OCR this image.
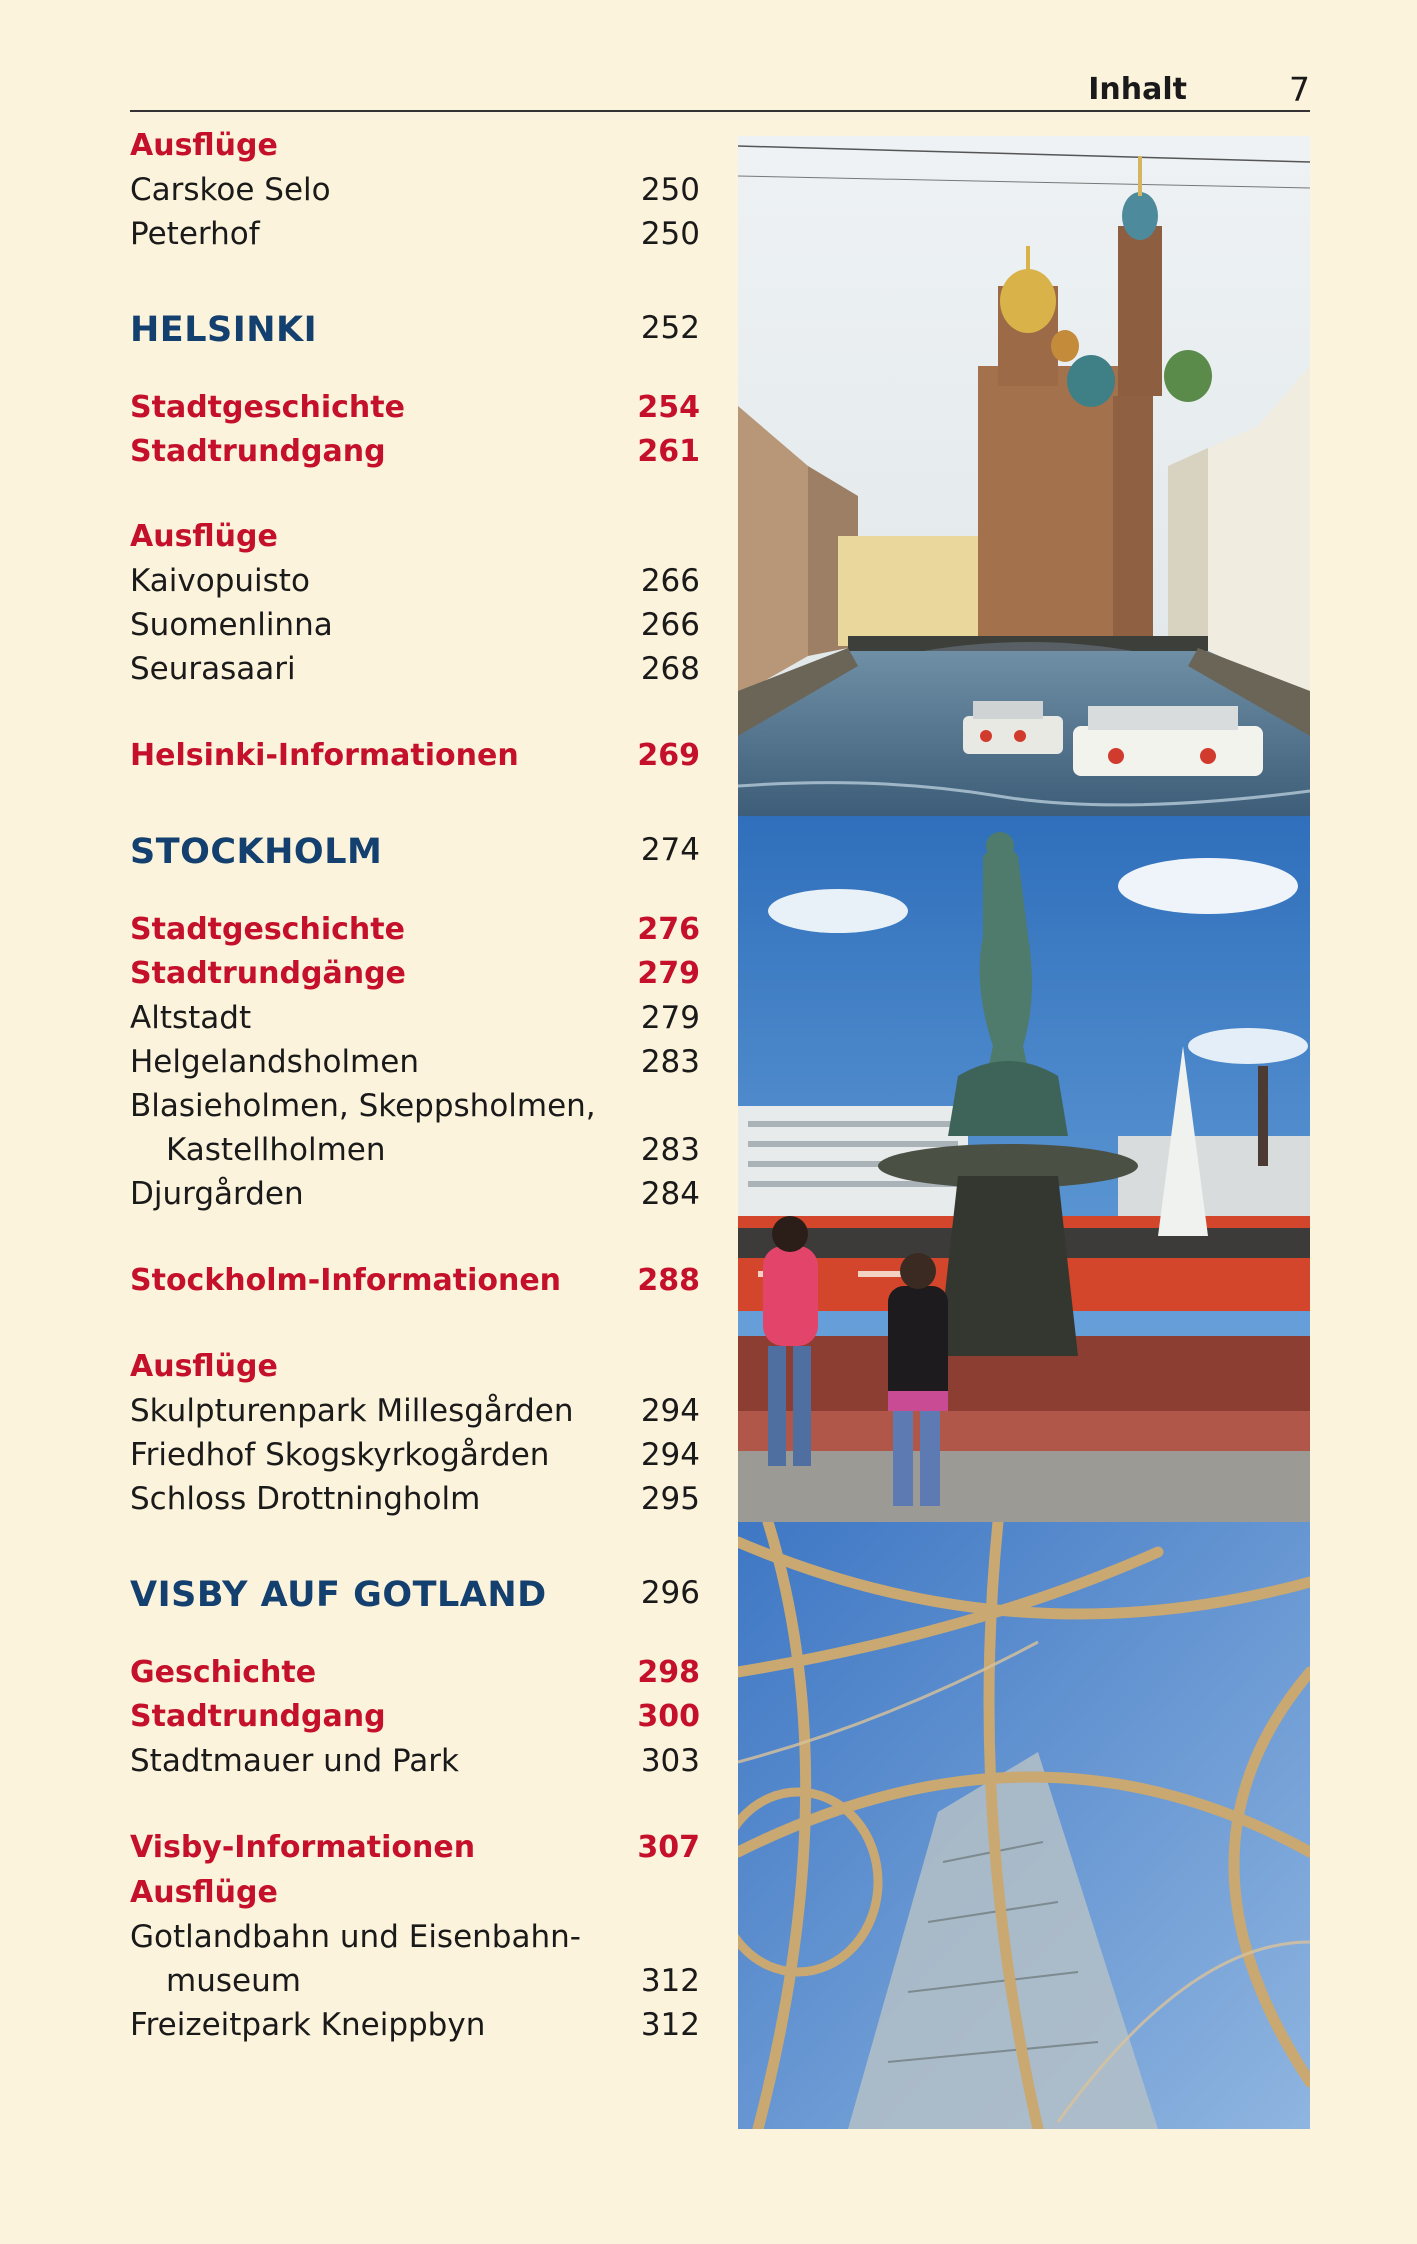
Inhalt	7
Ausflüge
Carskoe Selo	250
Peterhof	250
HELSINKI	252
Stadtgeschichte	254
Stadtrundgang	261
Ausflüge
Kaivopuisto	266
Suomenlinna	266
Seurasaari	268
Helsinki-Informationen	269
STOCKHOLM	274
Stadtgeschichte	276
Stadtrundgänge	279
Altstadt	279
Helgelandsholmen	283
Blasieholmen, Skeppsholmen,
Kastellholmen	283
Djurgården	284
Stockholm-Informationen	288
Ausflüge
Skulpturenpark Millesgården 294
Friedhof Skogskyrkogården	294
Schloss Drottningholm	295
VISBY AUF GOTLAND	296
Geschichte	298
Stadtrundgang	300
Stadtmauer und Park	303
Visby-Informationen	307
Ausflüge
Gotlandbahn und Eisenbahn-
museum	312
Freizeitpark Kneippbyn	312
